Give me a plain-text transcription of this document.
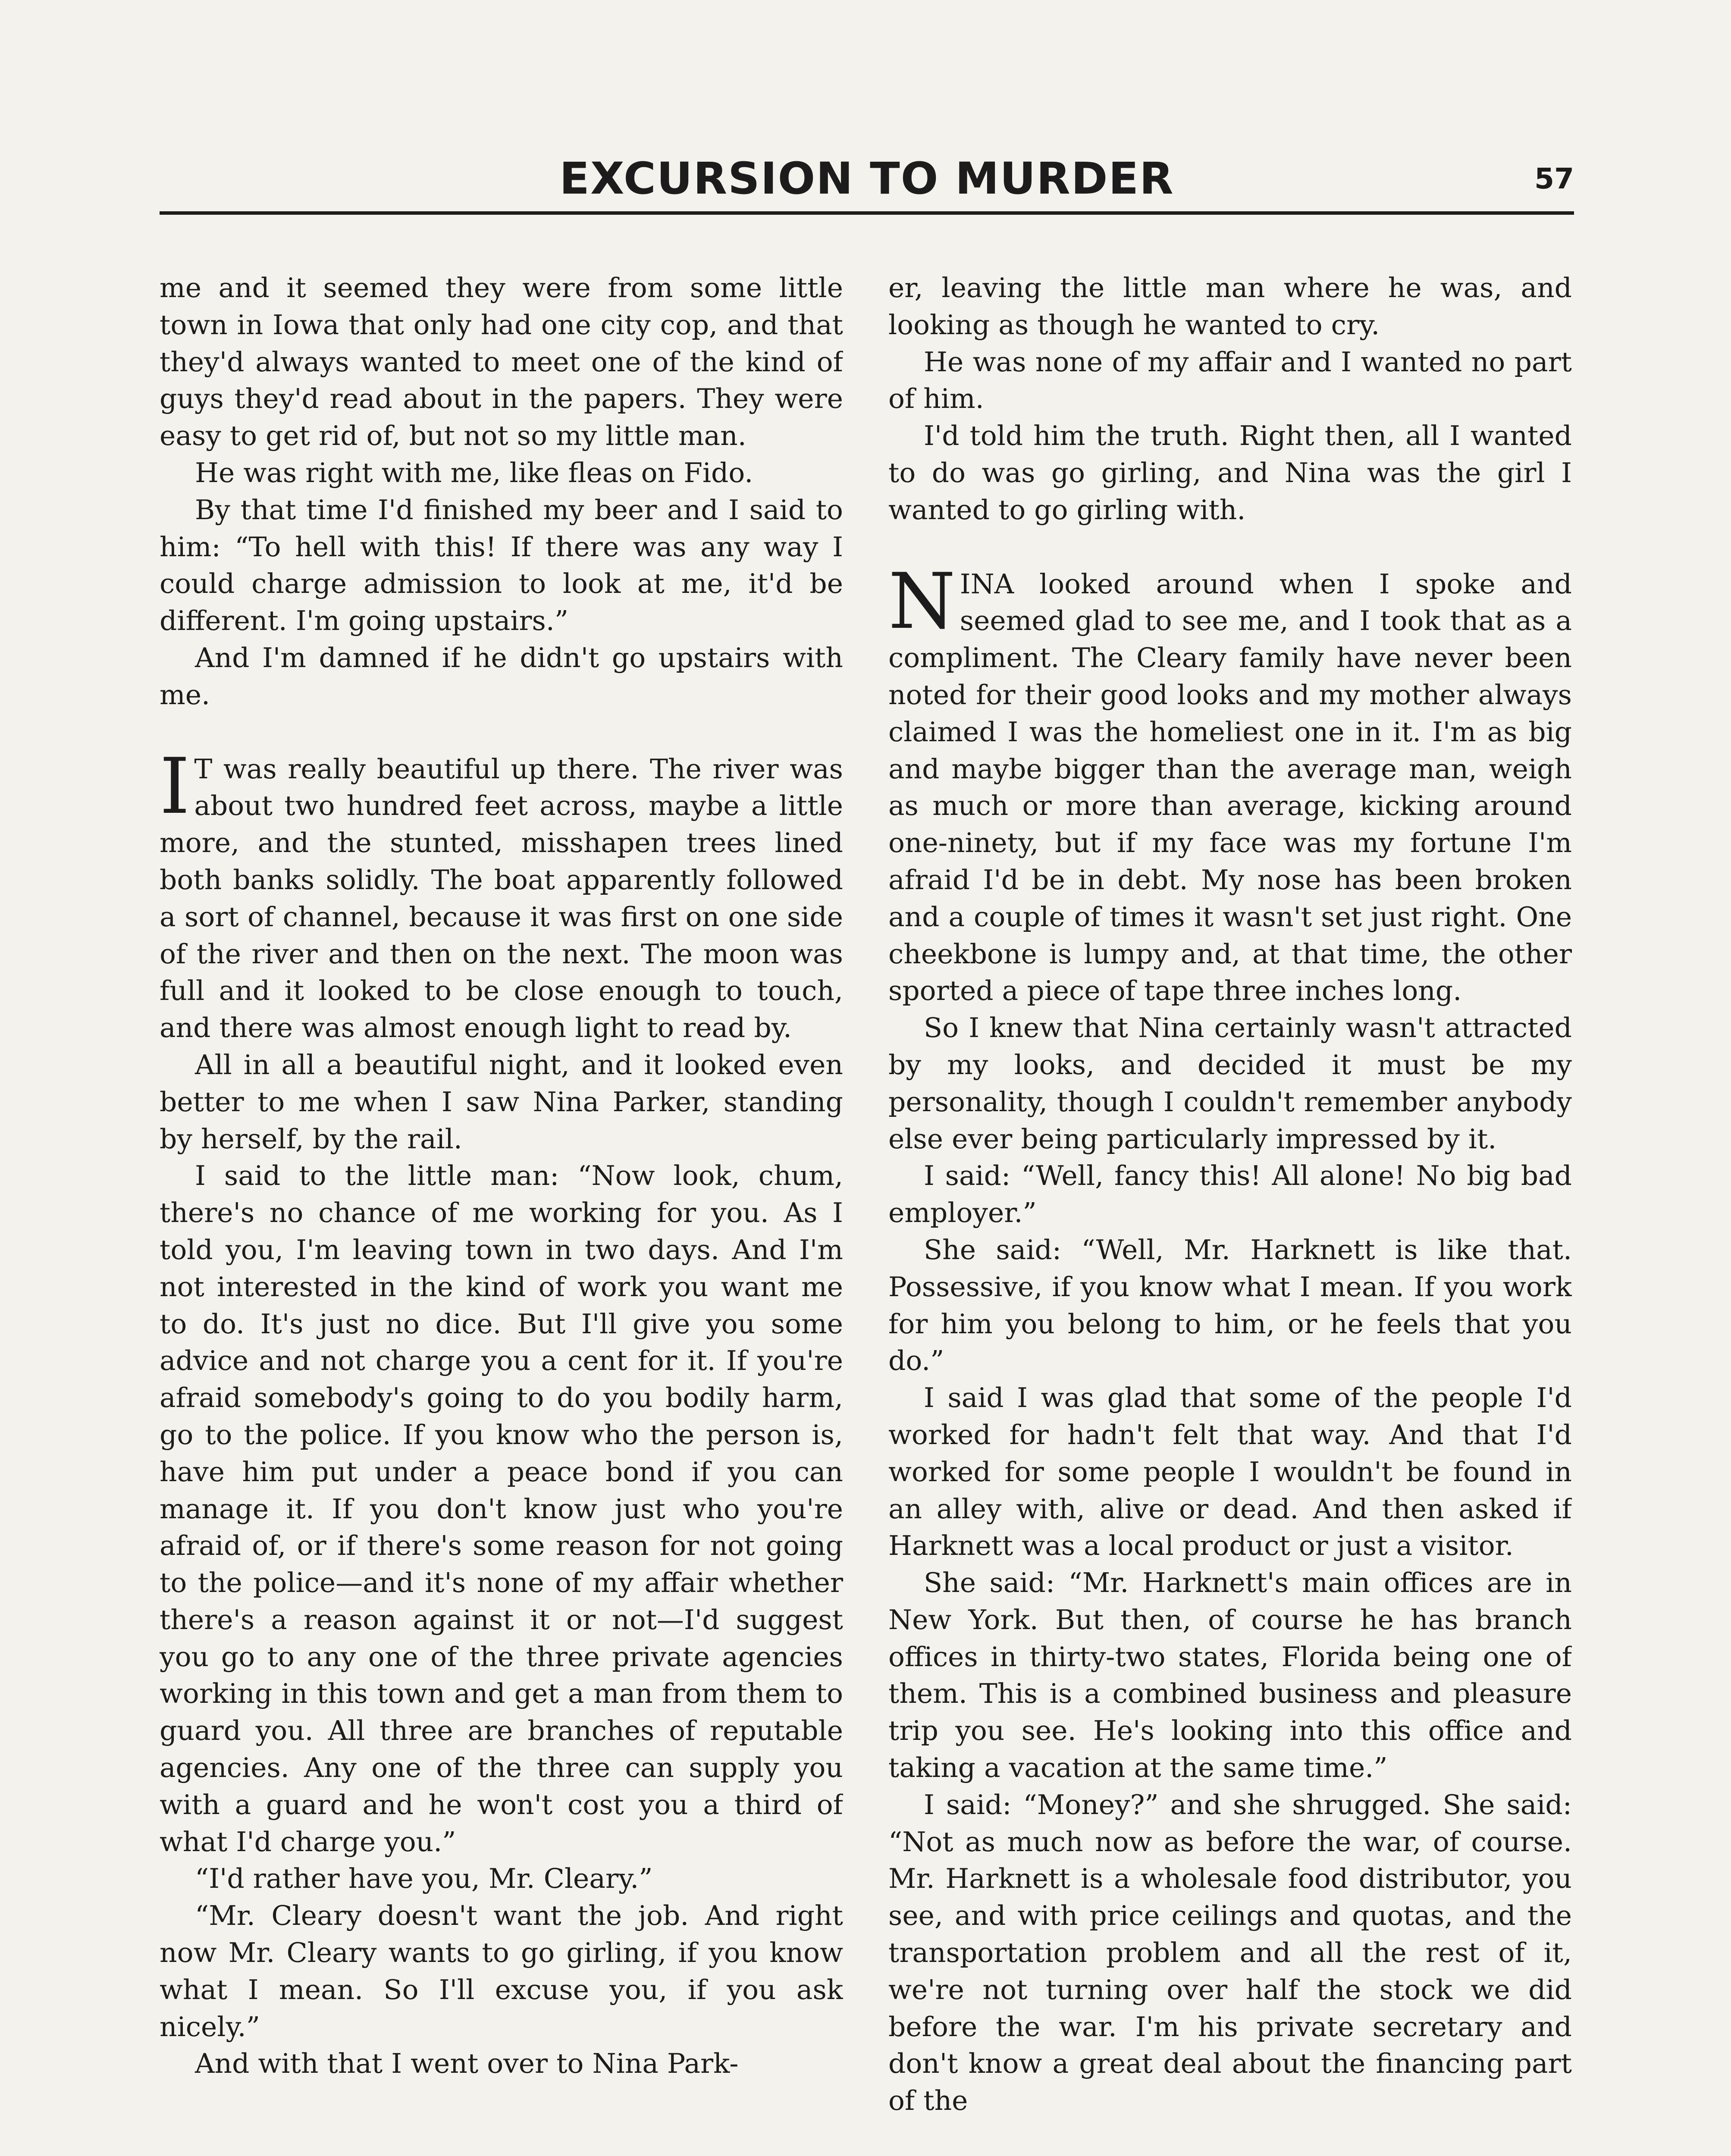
EXCURSION TO MURDER	57

me and it seemed they were from some little town in Iowa that only had one city cop, and that they'd always wanted to meet one of the kind of guys they'd read about in the papers. They were easy to get rid of, but not so my little man.

He was right with me, like fleas on Fido.

By that time I'd finished my beer and I said to him: “To hell with this! If there was any way I could charge admission to look at me, it'd be different. I'm going upstairs.”

And I'm damned if he didn't go upstairs with me.

I T was really beautiful up there. The river was about two hundred feet across, maybe a little more, and the stunted, misshapen trees lined both banks solidly. The boat apparently followed a sort of channel, because it was first on one side of the river and then on the next. The moon was full and it looked to be close enough to touch, and there was almost enough light to read by.

All in all a beautiful night, and it looked even better to me when I saw Nina Parker, standing by herself, by the rail.

I said to the little man: “Now look, chum, there's no chance of me working for you. As I told you, I'm leaving town in two days. And I'm not interested in the kind of work you want me to do. It's just no dice. But I'll give you some advice and not charge you a cent for it. If you're afraid somebody's going to do you bodily harm, go to the police. If you know who the person is, have him put under a peace bond if you can manage it. If you don't know just who you're afraid of, or if there's some reason for not going to the police—and it's none of my affair whether there's a reason against it or not—I'd suggest you go to any one of the three private agencies working in this town and get a man from them to guard you. All three are branches of reputable agencies. Any one of the three can supply you with a guard and he won't cost you a third of what I'd charge you.”

“I'd rather have you, Mr. Cleary.”

“Mr. Cleary doesn't want the job. And right now Mr. Cleary wants to go girling, if you know what I mean. So I'll excuse you, if you ask nicely.”

And with that I went over to Nina Park-

er, leaving the little man where he was, and looking as though he wanted to cry.

He was none of my affair and I wanted no part of him.

I'd told him the truth. Right then, all I wanted to do was go girling, and Nina was the girl I wanted to go girling with.

NINA looked around when I spoke and seemed glad to see me, and I took that as a compliment. The Cleary family have never been noted for their good looks and my mother always claimed I was the homeliest one in it. I'm as big and maybe bigger than the average man, weigh as much or more than average, kicking around one-ninety, but if my face was my fortune I'm afraid I'd be in debt. My nose has been broken and a couple of times it wasn't set just right. One cheekbone is lumpy and, at that time, the other sported a piece of tape three inches long.

So I knew that Nina certainly wasn't attracted by my looks, and decided it must be my personality, though I couldn't remember anybody else ever being particularly impressed by it.

I said: “Well, fancy this! All alone! No big bad employer.”

She said: “Well, Mr. Harknett is like that. Possessive, if you know what I mean. If you work for him you belong to him, or he feels that you do.”

I said I was glad that some of the people I'd worked for hadn't felt that way. And that I'd worked for some people I wouldn't be found in an alley with, alive or dead. And then asked if Harknett was a local product or just a visitor.

She said: “Mr. Harknett's main offices are in New York. But then, of course he has branch offices in thirty-two states, Florida being one of them. This is a combined business and pleasure trip you see. He's looking into this office and taking a vacation at the same time.”

I said: “Money?” and she shrugged. She said: “Not as much now as before the war, of course. Mr. Harknett is a wholesale food distributor, you see, and with price ceilings and quotas, and the transportation problem and all the rest of it, we're not turning over half the stock we did before the war. I'm his private secretary and don't know a great deal about the financing part of the
